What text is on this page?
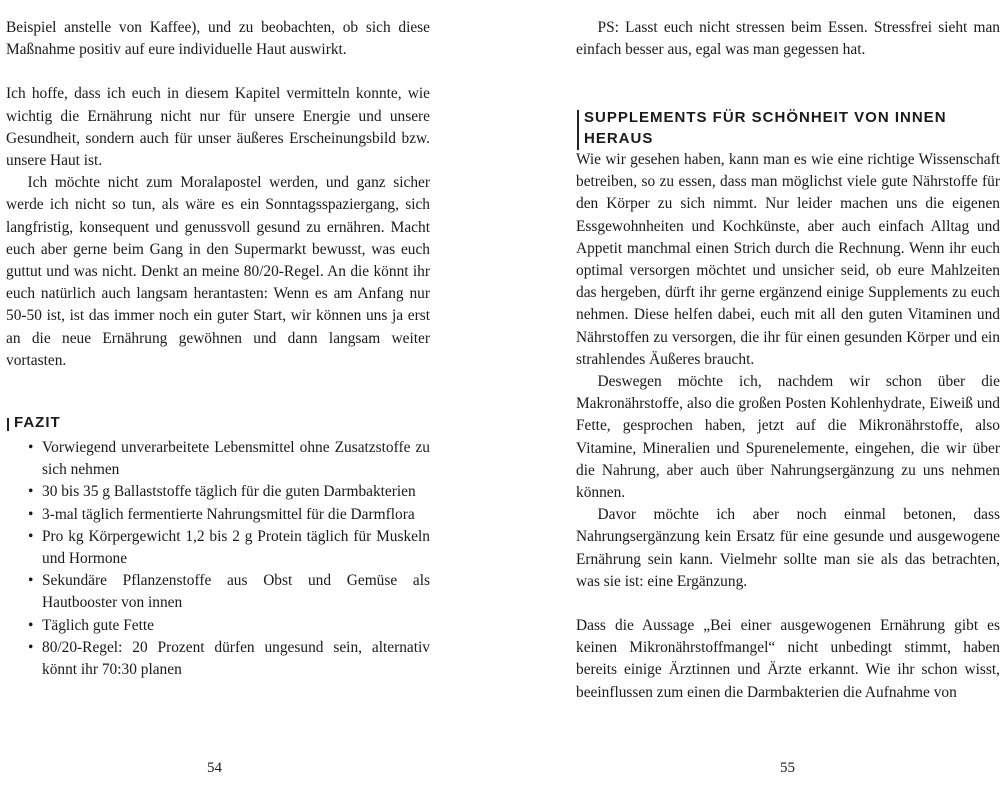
Beispiel anstelle von Kaffee), und zu beobachten, ob sich diese Maßnahme positiv auf eure individuelle Haut auswirkt.

Ich hoffe, dass ich euch in diesem Kapitel vermitteln konnte, wie wichtig die Ernährung nicht nur für unsere Energie und unsere Gesundheit, sondern auch für unser äußeres Erscheinungsbild bzw. unsere Haut ist.

Ich möchte nicht zum Moralapostel werden, und ganz sicher werde ich nicht so tun, als wäre es ein Sonntagsspaziergang, sich langfristig, konsequent und genussvoll gesund zu ernähren. Macht euch aber gerne beim Gang in den Supermarkt bewusst, was euch guttut und was nicht. Denkt an meine 80/20-Regel. An die könnt ihr euch natürlich auch langsam herantasten: Wenn es am Anfang nur 50-50 ist, ist das immer noch ein guter Start, wir können uns ja erst an die neue Ernährung gewöhnen und dann langsam weiter vortasten.

FAZIT
• Vorwiegend unverarbeitete Lebensmittel ohne Zusatzstoffe zu sich nehmen
• 30 bis 35 g Ballaststoffe täglich für die guten Darmbakterien
• 3-mal täglich fermentierte Nahrungsmittel für die Darmflora
• Pro kg Körpergewicht 1,2 bis 2 g Protein täglich für Muskeln und Hormone
• Sekundäre Pflanzenstoffe aus Obst und Gemüse als Hautbooster von innen
• Täglich gute Fette
• 80/20-Regel: 20 Prozent dürfen ungesund sein, alternativ könnt ihr 70:30 planen
54

PS: Lasst euch nicht stressen beim Essen. Stressfrei sieht man einfach besser aus, egal was man gegessen hat.

SUPPLEMENTS FÜR SCHÖNHEIT VON INNEN
HERAUS

Wie wir gesehen haben, kann man es wie eine richtige Wissenschaft betreiben, so zu essen, dass man möglichst viele gute Nährstoffe für den Körper zu sich nimmt. Nur leider machen uns die eigenen Essgewohnheiten und Kochkünste, aber auch einfach Alltag und Appetit manchmal einen Strich durch die Rechnung. Wenn ihr euch optimal versorgen möchtet und unsicher seid, ob eure Mahlzeiten das hergeben, dürft ihr gerne ergänzend einige Supplements zu euch nehmen. Diese helfen dabei, euch mit all den guten Vitaminen und Nährstoffen zu versorgen, die ihr für einen gesunden Körper und ein strahlendes Äußeres braucht.

Deswegen möchte ich, nachdem wir schon über die Makronährstoffe, also die großen Posten Kohlenhydrate, Eiweiß und Fette, gesprochen haben, jetzt auf die Mikronährstoffe, also Vitamine, Mineralien und Spurenelemente, eingehen, die wir über die Nahrung, aber auch über Nahrungsergänzung zu uns nehmen können.

Davor möchte ich aber noch einmal betonen, dass Nahrungsergänzung kein Ersatz für eine gesunde und ausgewogene Ernährung sein kann. Vielmehr sollte man sie als das betrachten, was sie ist: eine Ergänzung.

Dass die Aussage „Bei einer ausgewogenen Ernährung gibt es keinen Mikronährstoffmangel“ nicht unbedingt stimmt, haben bereits einige Ärztinnen und Ärzte erkannt. Wie ihr schon wisst, beeinflussen zum einen die Darmbakterien die Aufnahme von

55
